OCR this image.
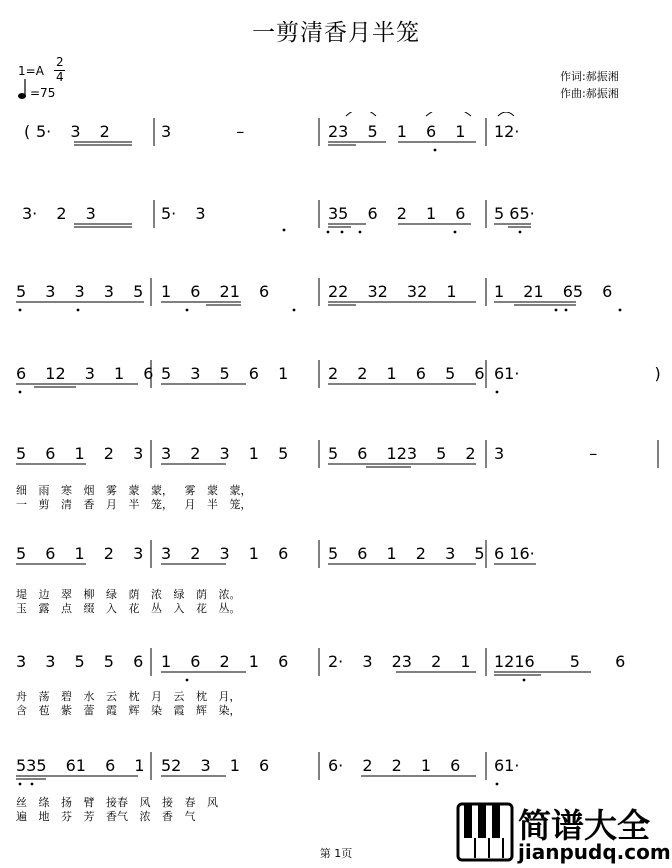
一剪清香月半笼
1=A
2
4
=75
作词:郝振湘
作曲:郝振湘
( 5· 3 2	3 –	23 5 1 6 1 12·
3· 2 3	5· 3	35 6 2 1 6 5 65·
5 3 3 3 5 1 6 21 6	22 32 32 1 1 21 65 6
6 12 3 1 6 5 3 5 6 1 2 2 1 6 5 6 61· )
5 6 1 2 3 3 2 3 1 5 5 6 123 5 2 3 –
细 雨 寒 烟 雾 蒙 蒙， 雾 蒙 蒙，
一 剪 清 香 月 半 笼， 月 半 笼，
5 6 1 2 3 3 2 3 1 6 5 6 1 2 3 5 6 16·
堤 边 翠 柳 绿 荫 浓 绿 荫 浓。
玉 露 点 缀 入 花 丛 入 花 丛。
3 3 5 5 6 1 6 2 1 6 2· 3 23 2 1 1216 5 6
舟 荡 碧 水 云 枕 月 云 枕 月，
含 苞 紫 蕾 霞 辉 染 霞 辉 染，
535 61 6 1 52 3 1 6	6· 2 2 1 6 61·
丝 绦 扬 臂 接春 风 接 春 风
遍 地 芬 芳 香气 浓 香 气
第 1页
简谱大全
jianpudq.com
